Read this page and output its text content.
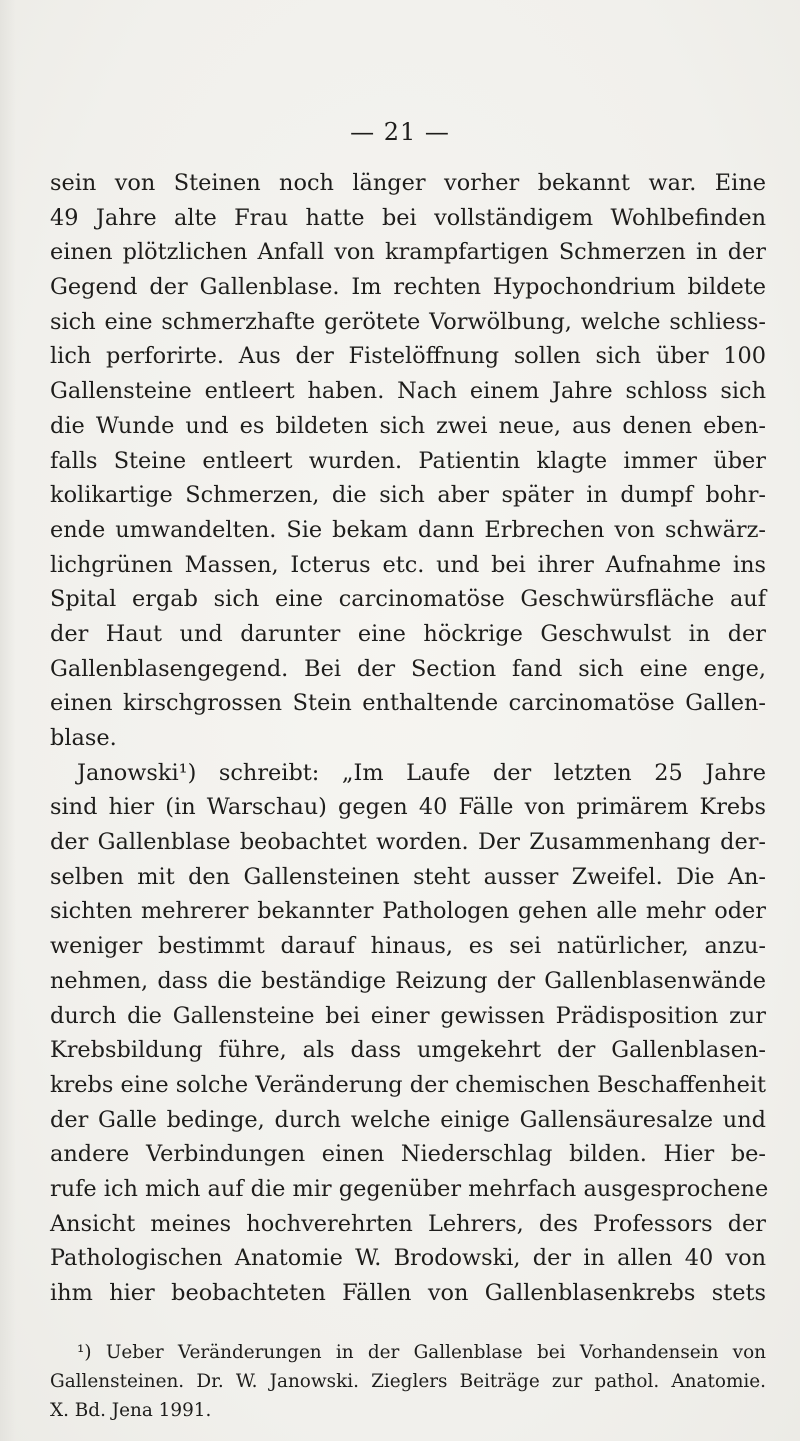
— 21 —
sein von Steinen noch länger vorher bekannt war. Eine
49 Jahre alte Frau hatte bei vollständigem Wohlbefinden
einen plötzlichen Anfall von krampfartigen Schmerzen in der
Gegend der Gallenblase. Im rechten Hypochondrium bildete
sich eine schmerzhafte gerötete Vorwölbung, welche schliess-
lich perforirte. Aus der Fistelöffnung sollen sich über 100
Gallensteine entleert haben. Nach einem Jahre schloss sich
die Wunde und es bildeten sich zwei neue, aus denen eben-
falls Steine entleert wurden. Patientin klagte immer über
kolikartige Schmerzen, die sich aber später in dumpf bohr-
ende umwandelten. Sie bekam dann Erbrechen von schwärz-
lichgrünen Massen, Icterus etc. und bei ihrer Aufnahme ins
Spital ergab sich eine carcinomatöse Geschwürsfläche auf
der Haut und darunter eine höckrige Geschwulst in der
Gallenblasengegend. Bei der Section fand sich eine enge,
einen kirschgrossen Stein enthaltende carcinomatöse Gallen-
blase.
Janowski¹) schreibt: „Im Laufe der letzten 25 Jahre
sind hier (in Warschau) gegen 40 Fälle von primärem Krebs
der Gallenblase beobachtet worden. Der Zusammenhang der-
selben mit den Gallensteinen steht ausser Zweifel. Die An-
sichten mehrerer bekannter Pathologen gehen alle mehr oder
weniger bestimmt darauf hinaus, es sei natürlicher, anzu-
nehmen, dass die beständige Reizung der Gallenblasenwände
durch die Gallensteine bei einer gewissen Prädisposition zur
Krebsbildung führe, als dass umgekehrt der Gallenblasen-
krebs eine solche Veränderung der chemischen Beschaffenheit
der Galle bedinge, durch welche einige Gallensäuresalze und
andere Verbindungen einen Niederschlag bilden. Hier be-
rufe ich mich auf die mir gegenüber mehrfach ausgesprochene
Ansicht meines hochverehrten Lehrers, des Professors der
Pathologischen Anatomie W. Brodowski, der in allen 40 von
ihm hier beobachteten Fällen von Gallenblasenkrebs stets
¹) Ueber Veränderungen in der Gallenblase bei Vorhandensein von
Gallensteinen. Dr. W. Janowski. Zieglers Beiträge zur pathol. Anatomie.
X. Bd. Jena 1991.
